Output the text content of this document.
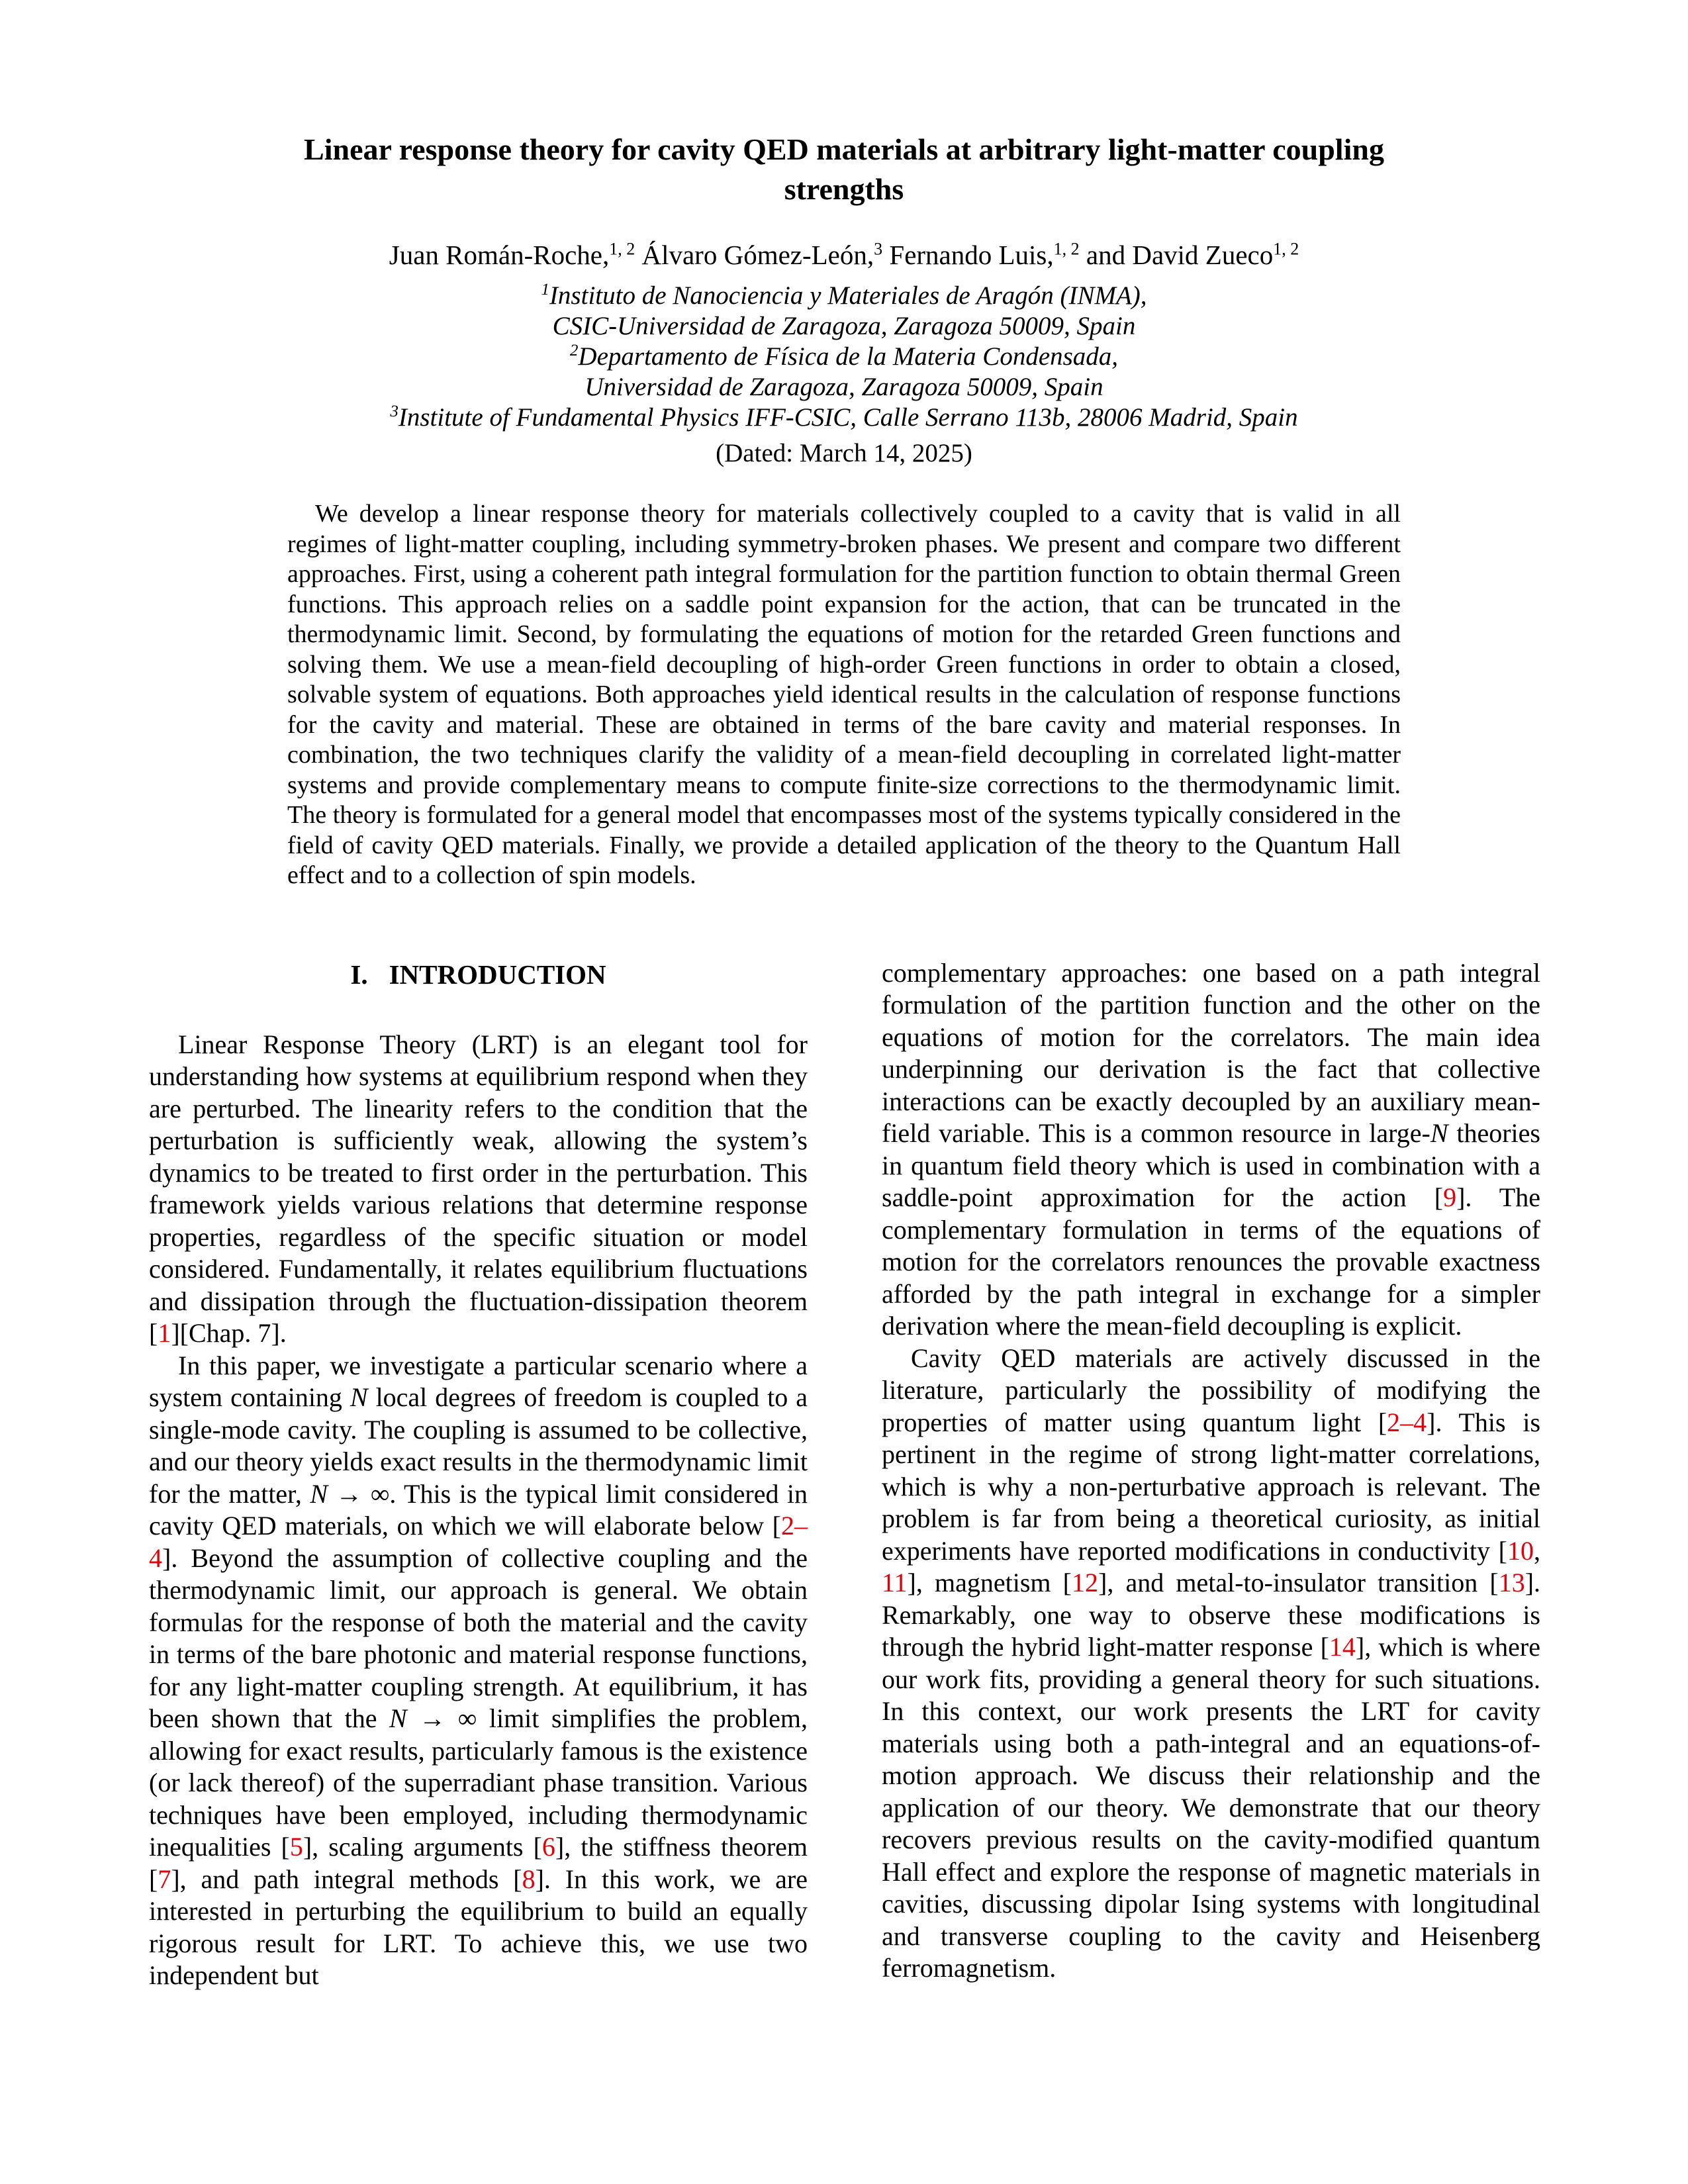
Linear response theory for cavity QED materials at arbitrary light-matter coupling
strengths
Juan Román-Roche,$^{1, 2}$ Álvaro Gómez-León,$^3$ Fernando Luis,$^{1, 2}$ and David Zueco$^{1, 2}$
$^1$Instituto de Nanociencia y Materiales de Aragón (INMA),
CSIC-Universidad de Zaragoza, Zaragoza 50009, Spain
$^2$Departamento de Física de la Materia Condensada,
Universidad de Zaragoza, Zaragoza 50009, Spain
$^3$Institute of Fundamental Physics IFF-CSIC, Calle Serrano 113b, 28006 Madrid, Spain
(Dated: March 14, 2025)

We develop a linear response theory for materials collectively coupled to a cavity that is valid in all regimes of light-matter coupling, including symmetry-broken phases. We present and compare two different approaches. First, using a coherent path integral formulation for the partition function to obtain thermal Green functions. This approach relies on a saddle point expansion for the action, that can be truncated in the thermodynamic limit. Second, by formulating the equations of motion for the retarded Green functions and solving them. We use a mean-field decoupling of high-order Green functions in order to obtain a closed, solvable system of equations. Both approaches yield identical results in the calculation of response functions for the cavity and material. These are obtained in terms of the bare cavity and material responses. In combination, the two techniques clarify the validity of a mean-field decoupling in correlated light-matter systems and provide complementary means to compute finite-size corrections to the thermodynamic limit. The theory is formulated for a general model that encompasses most of the systems typically considered in the field of cavity QED materials. Finally, we provide a detailed application of the theory to the Quantum Hall effect and to a collection of spin models.

I. INTRODUCTION

Linear Response Theory (LRT) is an elegant tool for understanding how systems at equilibrium respond when they are perturbed. The linearity refers to the condition that the perturbation is sufficiently weak, allowing the system’s dynamics to be treated to first order in the perturbation. This framework yields various relations that determine response properties, regardless of the specific situation or model considered. Fundamentally, it relates equilibrium fluctuations and dissipation through the fluctuation-dissipation theorem [1][Chap. 7].

In this paper, we investigate a particular scenario where a system containing N local degrees of freedom is coupled to a single-mode cavity. The coupling is assumed to be collective, and our theory yields exact results in the thermodynamic limit for the matter, N → ∞. This is the typical limit considered in cavity QED materials, on which we will elaborate below [2–4]. Beyond the assumption of collective coupling and the thermodynamic limit, our approach is general. We obtain formulas for the response of both the material and the cavity in terms of the bare photonic and material response functions, for any light-matter coupling strength. At equilibrium, it has been shown that the N → ∞ limit simplifies the problem, allowing for exact results, particularly famous is the existence (or lack thereof) of the superradiant phase transition. Various techniques have been employed, including thermodynamic inequalities [5], scaling arguments [6], the stiffness theorem [7], and path integral methods [8]. In this work, we are interested in perturbing the equilibrium to build an equally rigorous result for LRT. To achieve this, we use two independent but

complementary approaches: one based on a path integral formulation of the partition function and the other on the equations of motion for the correlators. The main idea underpinning our derivation is the fact that collective interactions can be exactly decoupled by an auxiliary mean-field variable. This is a common resource in large-N theories in quantum field theory which is used in combination with a saddle-point approximation for the action [9]. The complementary formulation in terms of the equations of motion for the correlators renounces the provable exactness afforded by the path integral in exchange for a simpler derivation where the mean-field decoupling is explicit.

Cavity QED materials are actively discussed in the literature, particularly the possibility of modifying the properties of matter using quantum light [2–4]. This is pertinent in the regime of strong light-matter correlations, which is why a non-perturbative approach is relevant. The problem is far from being a theoretical curiosity, as initial experiments have reported modifications in conductivity [10, 11], magnetism [12], and metal-to-insulator transition [13]. Remarkably, one way to observe these modifications is through the hybrid light-matter response [14], which is where our work fits, providing a general theory for such situations. In this context, our work presents the LRT for cavity materials using both a path-integral and an equations-of-motion approach. We discuss their relationship and the application of our theory. We demonstrate that our theory recovers previous results on the cavity-modified quantum Hall effect and explore the response of magnetic materials in cavities, discussing dipolar Ising systems with longitudinal and transverse coupling to the cavity and Heisenberg ferromagnetism.
